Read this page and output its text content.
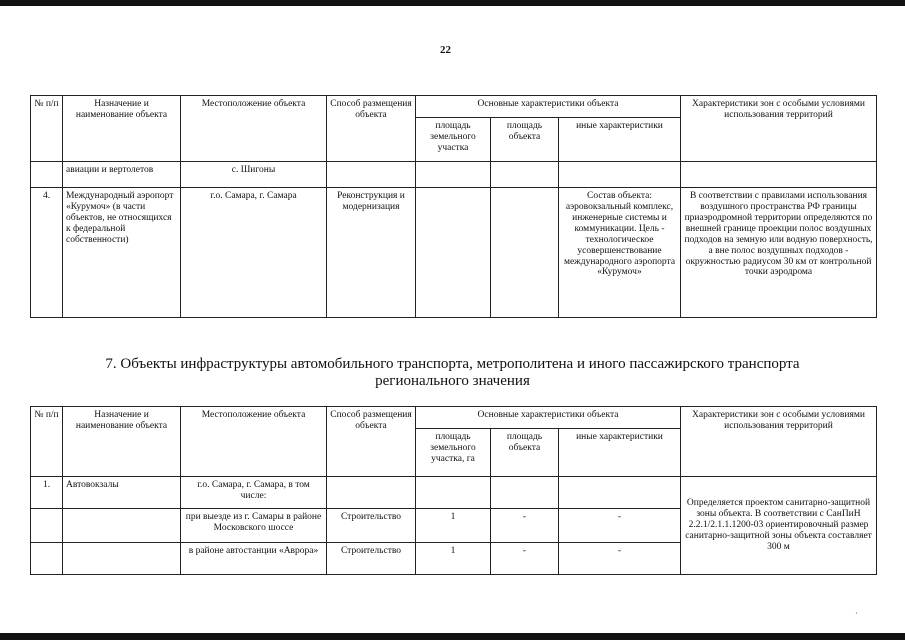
22
№ п/п	Назначение и наименование объекта	Местоположение объекта	Способ размещения объекта	Основные характеристики объекта			Характеристики зон с особыми условиями использования территорий
				площадь земельного участка	площадь объекта	иные характеристики	
	авиации и вертолетов	с. Шигоны					
4.	Международный аэропорт «Курумоч» (в части объектов, не относящихся к федеральной собственности)	г.о. Самара, г. Самара	Реконструкция и модернизация			Состав объекта: аэровокзальный комплекс, инженерные системы и коммуникации. Цель - технологическое усовершенствование международного аэропорта «Курумоч»	В соответствии с правилами использования воздушного пространства РФ границы приаэродромной территории определяются по внешней границе проекции полос воздушных подходов на земную или водную поверхность, а вне полос воздушных подходов - окружностью радиусом 30 км от контрольной точки аэродрома
7. Объекты инфраструктуры автомобильного транспорта, метрополитена и иного пассажирского транспорта регионального значения
№ п/п	Назначение и наименование объекта	Местоположение объекта	Способ размещения объекта	Основные характеристики объекта			Характеристики зон с особыми условиями использования территорий
				площадь земельного участка, га	площадь объекта	иные характеристики	
1.	Автовокзалы	г.о. Самара, г. Самара, в том числе:					Определяется проектом санитарно-защитной зоны объекта. В соответствии с СанПиН 2.2.1/2.1.1.1200-03 ориентировочный размер санитарно-защитной зоны объекта составляет 300 м
		при выезде из г. Самары в районе Московского шоссе	Строительство	1	-	-	
		в районе автостанции «Аврора»	Строительство	1	-	-	
·
